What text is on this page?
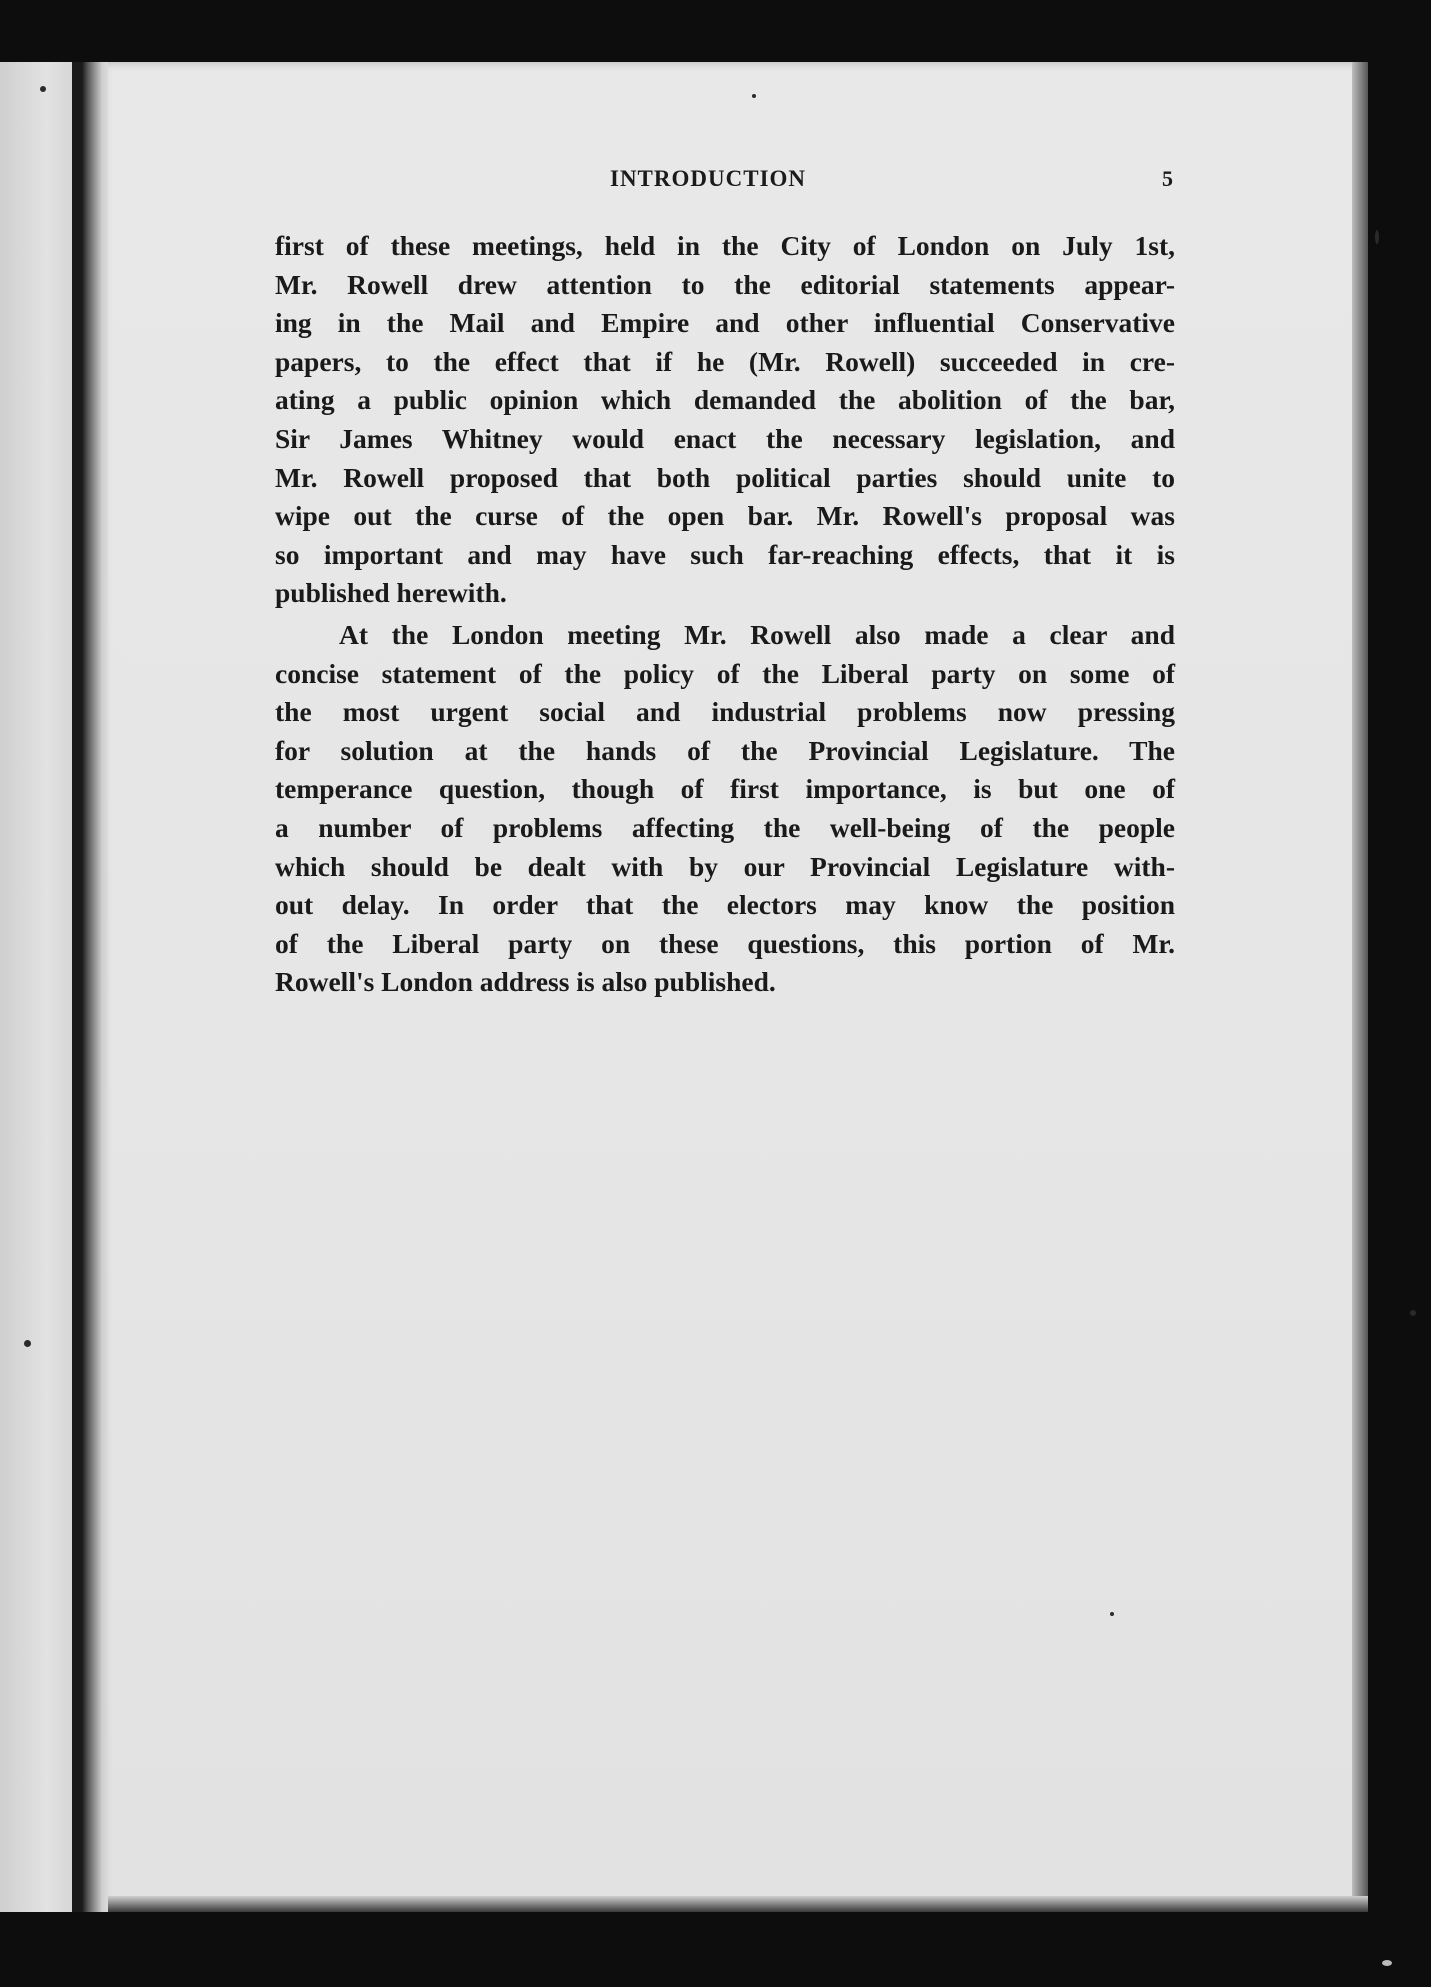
INTRODUCTION	5

first of these meetings, held in the City of London on July 1st,
Mr. Rowell drew attention to the editorial statements appear-
ing in the Mail and Empire and other influential Conservative
papers, to the effect that if he (Mr. Rowell) succeeded in cre-
ating a public opinion which demanded the abolition of the bar,
Sir James Whitney would enact the necessary legislation, and
Mr. Rowell proposed that both political parties should unite to
wipe out the curse of the open bar. Mr. Rowell's proposal was
so important and may have such far-reaching effects, that it is
published herewith.

At the London meeting Mr. Rowell also made a clear and
concise statement of the policy of the Liberal party on some of
the most urgent social and industrial problems now pressing
for solution at the hands of the Provincial Legislature. The
temperance question, though of first importance, is but one of
a number of problems affecting the well-being of the people
which should be dealt with by our Provincial Legislature with-
out delay. In order that the electors may know the position
of the Liberal party on these questions, this portion of Mr.
Rowell's London address is also published.
